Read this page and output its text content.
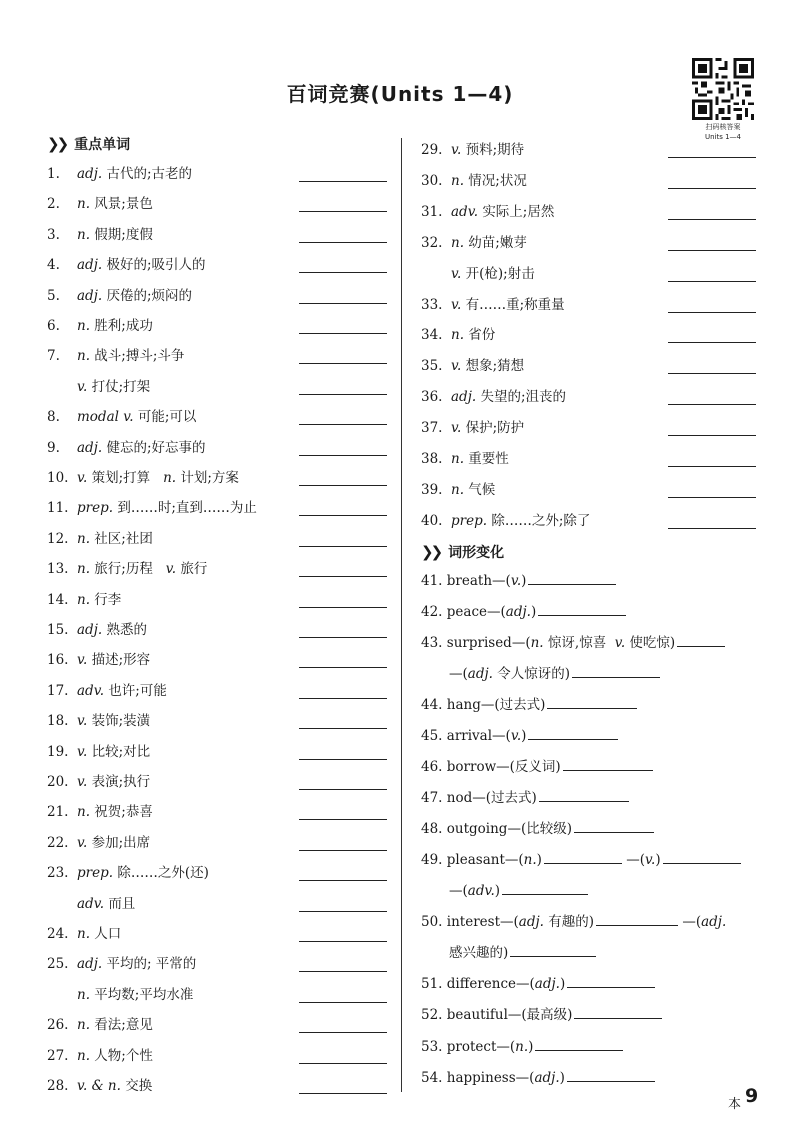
百词竞赛(Units 1—4)
扫码核答案
Units 1—4
❯❯ 重点单词
1. adj. 古代的;古老的
2. n. 风景;景色
3. n. 假期;度假
4. adj. 极好的;吸引人的
5. adj. 厌倦的;烦闷的
6. n. 胜利;成功
7. n. 战斗;搏斗;斗争
v. 打仗;打架
8. modal v. 可能;可以
9. adj. 健忘的;好忘事的
10. v. 策划;打算 n. 计划;方案
11. prep. 到……时;直到……为止
12. n. 社区;社团
13. n. 旅行;历程 v. 旅行
14. n. 行李
15. adj. 熟悉的
16. v. 描述;形容
17. adv. 也许;可能
18. v. 装饰;装潢
19. v. 比较;对比
20. v. 表演;执行
21. n. 祝贺;恭喜
22. v. 参加;出席
23. prep. 除……之外(还)
adv. 而且
24. n. 人口
25. adj. 平均的; 平常的
n. 平均数;平均水准
26. n. 看法;意见
27. n. 人物;个性
28. v. & n. 交换
29. v. 预料;期待
30. n. 情况;状况
31. adv. 实际上;居然
32. n. 幼苗;嫩芽
v. 开(枪);射击
33. v. 有……重;称重量
34. n. 省份
35. v. 想象;猜想
36. adj. 失望的;沮丧的
37. v. 保护;防护
38. n. 重要性
39. n. 气候
40. prep. 除……之外;除了
❯❯ 词形变化
41. breath—(v.)
42. peace—(adj.)
43. surprised—(n. 惊讶,惊喜 v. 使吃惊)
—(adj. 令人惊讶的)
44. hang—(过去式)
45. arrival—(v.)
46. borrow—(反义词)
47. nod—(过去式)
48. outgoing—(比较级)
49. pleasant—(n.)	—(v.)
—(adv.)
50. interest—(adj. 有趣的)	—(adj.
感兴趣的)
51. difference—(adj.)
52. beautiful—(最高级)
53. protect—(n.)
54. happiness—(adj.)
本 9
